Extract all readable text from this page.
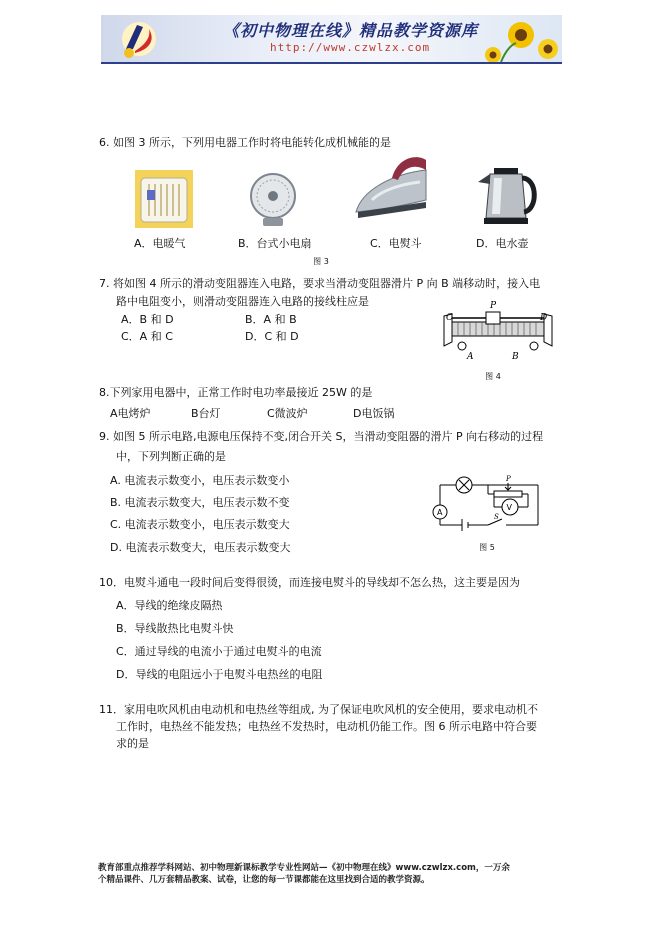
《初中物理在线》精品教学资源库
http://www.czwlzx.com
6. 如图 3 所示，下列用电器工作时将电能转化成机械能的是
A．电暖气	B．台式小电扇	C．电熨斗	D．电水壶
图 3
7. 将如图 4 所示的滑动变阻器连入电路，要求当滑动变阻器滑片 P 向 B 端移动时，接入电
路中电阻变小，则滑动变阻器连入电路的接线柱应是
A．B 和 D	B．A 和 B
C．A 和 C	D．C 和 D
P
C	D
A	B
图 4
8.下列家用电器中，正常工作时电功率最接近 25W 的是
A电烤炉	B台灯	C微波炉	D电饭锅
9. 如图 5 所示电路,电源电压保持不变,闭合开关 S，当滑动变阻器的滑片 P 向右移动的过程
中，下列判断正确的是
A. 电流表示数变小，电压表示数变小
B. 电流表示数变大，电压表示数不变
C. 电流表示数变小，电压表示数变大
D. 电流表示数变大，电压表示数变大
A
V
P
S
图 5
10．电熨斗通电一段时间后变得很烫，而连接电熨斗的导线却不怎么热，这主要是因为
A．导线的绝缘皮隔热
B．导线散热比电熨斗快
C．通过导线的电流小于通过电熨斗的电流
D．导线的电阻远小于电熨斗电热丝的电阻
11．家用电吹风机由电动机和电热丝等组成, 为了保证电吹风机的安全使用，要求电动机不
工作时，电热丝不能发热；电热丝不发热时，电动机仍能工作。图 6 所示电路中符合要
求的是
教育部重点推荐学科网站、初中物理新课标教学专业性网站—《初中物理在线》www.czwlzx.com，一万余
个精品课件、几万套精品教案、试卷，让您的每一节课都能在这里找到合适的教学资源。
